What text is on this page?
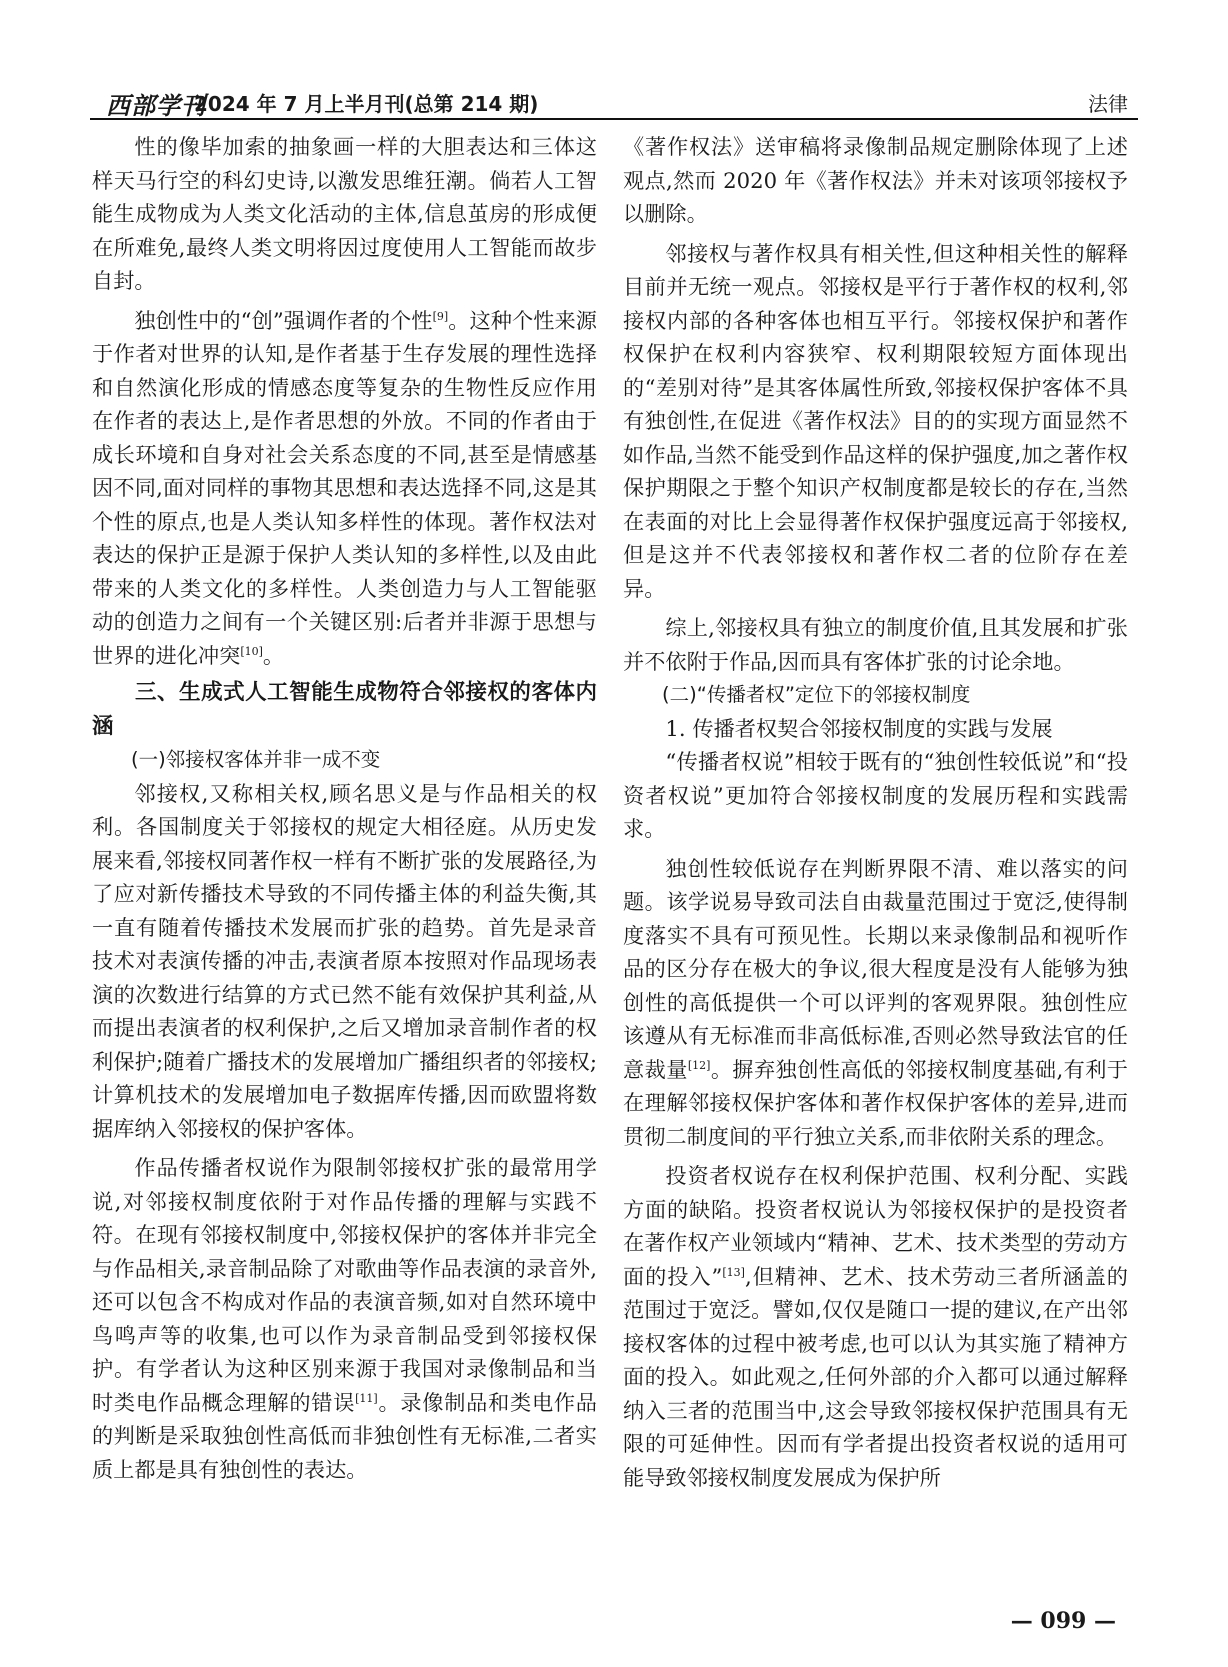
西部学刊
2024 年 7 月上半月刊(总第 214 期)	法律

性的像毕加索的抽象画一样的大胆表达和三体这样天马行空的科幻史诗,以激发思维狂潮。倘若人工智能生成物成为人类文化活动的主体,信息茧房的形成便在所难免,最终人类文明将因过度使用人工智能而故步自封。

独创性中的“创”强调作者的个性[9]。这种个性来源于作者对世界的认知,是作者基于生存发展的理性选择和自然演化形成的情感态度等复杂的生物性反应作用在作者的表达上,是作者思想的外放。不同的作者由于成长环境和自身对社会关系态度的不同,甚至是情感基因不同,面对同样的事物其思想和表达选择不同,这是其个性的原点,也是人类认知多样性的体现。著作权法对表达的保护正是源于保护人类认知的多样性,以及由此带来的人类文化的多样性。人类创造力与人工智能驱动的创造力之间有一个关键区别:后者并非源于思想与世界的进化冲突[10]。

三、生成式人工智能生成物符合邻接权的客体内涵

(一)邻接权客体并非一成不变

邻接权,又称相关权,顾名思义是与作品相关的权利。各国制度关于邻接权的规定大相径庭。从历史发展来看,邻接权同著作权一样有不断扩张的发展路径,为了应对新传播技术导致的不同传播主体的利益失衡,其一直有随着传播技术发展而扩张的趋势。首先是录音技术对表演传播的冲击,表演者原本按照对作品现场表演的次数进行结算的方式已然不能有效保护其利益,从而提出表演者的权利保护,之后又增加录音制作者的权利保护;随着广播技术的发展增加广播组织者的邻接权;计算机技术的发展增加电子数据库传播,因而欧盟将数据库纳入邻接权的保护客体。

作品传播者权说作为限制邻接权扩张的最常用学说,对邻接权制度依附于对作品传播的理解与实践不符。在现有邻接权制度中,邻接权保护的客体并非完全与作品相关,录音制品除了对歌曲等作品表演的录音外,还可以包含不构成对作品的表演音频,如对自然环境中鸟鸣声等的收集,也可以作为录音制品受到邻接权保护。有学者认为这种区别来源于我国对录像制品和当时类电作品概念理解的错误[11]。录像制品和类电作品的判断是采取独创性高低而非独创性有无标准,二者实质上都是具有独创性的表达。

《著作权法》送审稿将录像制品规定删除体现了上述观点,然而 2020 年《著作权法》并未对该项邻接权予以删除。

邻接权与著作权具有相关性,但这种相关性的解释目前并无统一观点。邻接权是平行于著作权的权利,邻接权内部的各种客体也相互平行。邻接权保护和著作权保护在权利内容狭窄、权利期限较短方面体现出的“差别对待”是其客体属性所致,邻接权保护客体不具有独创性,在促进《著作权法》目的的实现方面显然不如作品,当然不能受到作品这样的保护强度,加之著作权保护期限之于整个知识产权制度都是较长的存在,当然在表面的对比上会显得著作权保护强度远高于邻接权,但是这并不代表邻接权和著作权二者的位阶存在差异。

综上,邻接权具有独立的制度价值,且其发展和扩张并不依附于作品,因而具有客体扩张的讨论余地。

(二)“传播者权”定位下的邻接权制度

1. 传播者权契合邻接权制度的实践与发展

“传播者权说”相较于既有的“独创性较低说”和“投资者权说”更加符合邻接权制度的发展历程和实践需求。

独创性较低说存在判断界限不清、难以落实的问题。该学说易导致司法自由裁量范围过于宽泛,使得制度落实不具有可预见性。长期以来录像制品和视听作品的区分存在极大的争议,很大程度是没有人能够为独创性的高低提供一个可以评判的客观界限。独创性应该遵从有无标准而非高低标准,否则必然导致法官的任意裁量[12]。摒弃独创性高低的邻接权制度基础,有利于在理解邻接权保护客体和著作权保护客体的差异,进而贯彻二制度间的平行独立关系,而非依附关系的理念。

投资者权说存在权利保护范围、权利分配、实践方面的缺陷。投资者权说认为邻接权保护的是投资者在著作权产业领域内“精神、艺术、技术类型的劳动方面的投入”[13],但精神、艺术、技术劳动三者所涵盖的范围过于宽泛。譬如,仅仅是随口一提的建议,在产出邻接权客体的过程中被考虑,也可以认为其实施了精神方面的投入。如此观之,任何外部的介入都可以通过解释纳入三者的范围当中,这会导致邻接权保护范围具有无限的可延伸性。因而有学者提出投资者权说的适用可能导致邻接权制度发展成为保护所

— 099 —
